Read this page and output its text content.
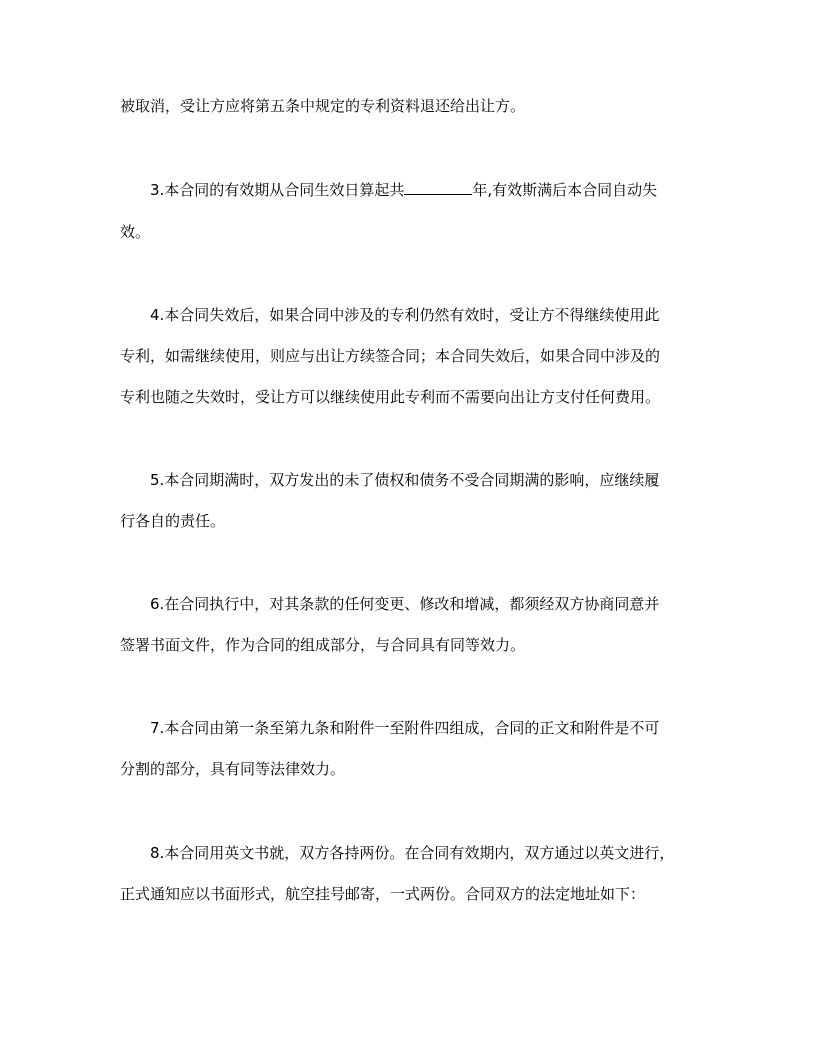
被取消，受让方应将第五条中规定的专利资料退还给出让方。
3.本合同的有效期从合同生效日算起共	年,有效斯满后本合同自动失
效。
4.本合同失效后，如果合同中涉及的专利仍然有效时，受让方不得继续使用此
专利，如需继续使用，则应与出让方续签合同；本合同失效后，如果合同中涉及的
专利也随之失效时，受让方可以继续使用此专利而不需要向出让方支付任何费用。
5.本合同期满时，双方发出的未了债权和债务不受合同期满的影响，应继续履
行各自的责任。
6.在合同执行中，对其条款的任何变更、修改和增减，都须经双方协商同意并
签署书面文件，作为合同的组成部分，与合同具有同等效力。
7.本合同由第一条至第九条和附件一至附件四组成，合同的正文和附件是不可
分割的部分，具有同等法律效力。
8.本合同用英文书就，双方各持两份。在合同有效期内，双方通过以英文进行，
正式通知应以书面形式，航空挂号邮寄，一式两份。合同双方的法定地址如下：
